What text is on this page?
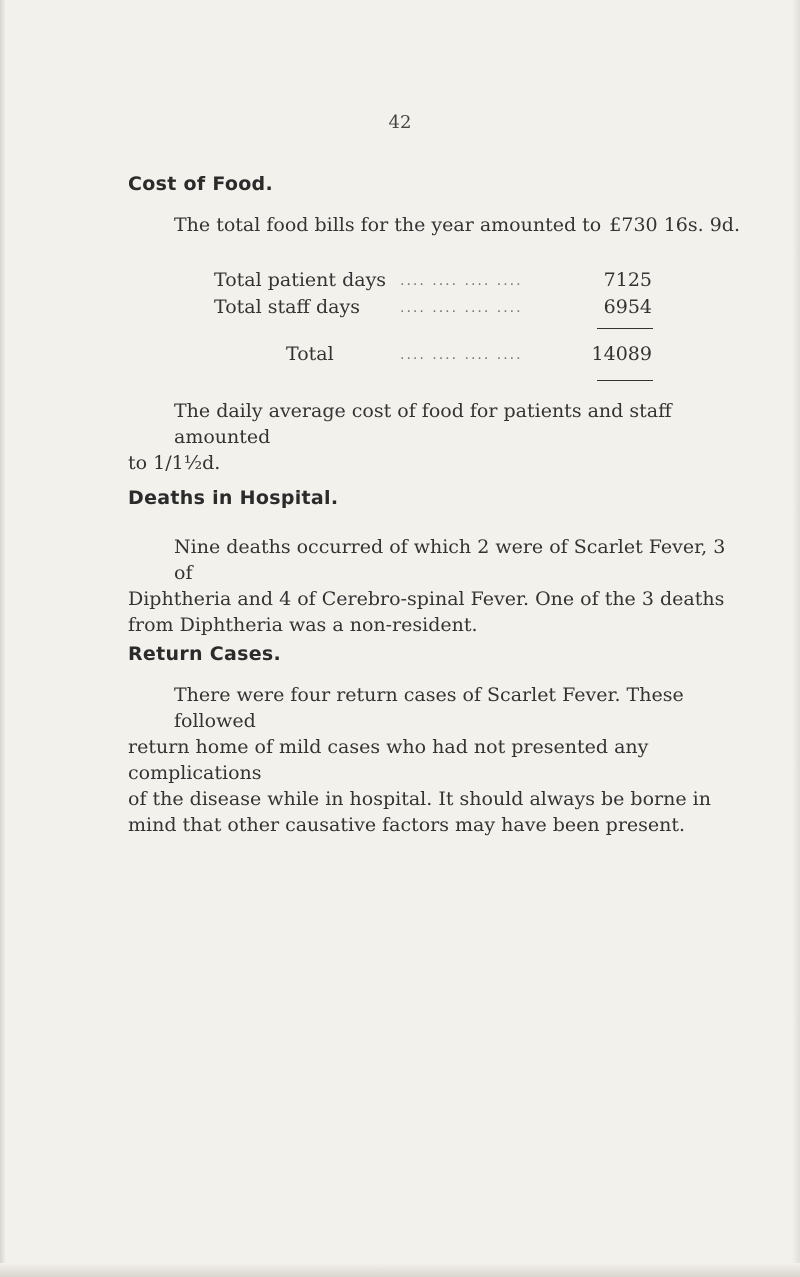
42
Cost of Food.
The total food bills for the year amounted to £730 16s. 9d.
Total patient days .... .... .... ....	7125
Total staff days	.... .... .... ....	6954
Total	.... .... .... ....	14089
The daily average cost of food for patients and staff amounted
to 1/1½d.
Deaths in Hospital.
Nine deaths occurred of which 2 were of Scarlet Fever, 3 of
Diphtheria and 4 of Cerebro-spinal Fever. One of the 3 deaths
from Diphtheria was a non-resident.
Return Cases.
There were four return cases of Scarlet Fever. These followed
return home of mild cases who had not presented any complications
of the disease while in hospital. It should always be borne in
mind that other causative factors may have been present.
